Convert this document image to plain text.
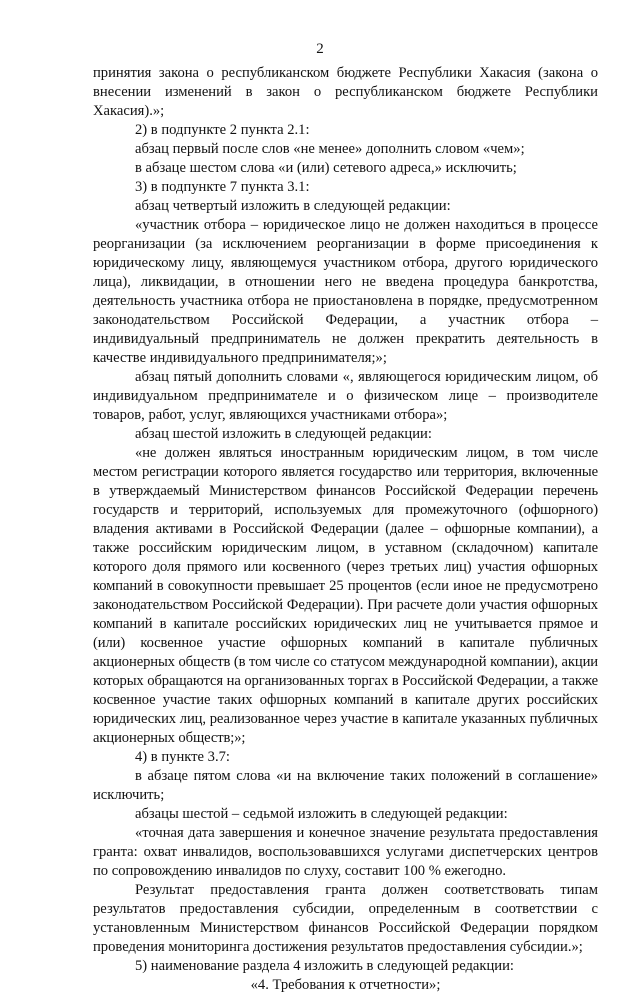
2

принятия закона о республиканском бюджете Республики Хакасия (закона о внесении изменений в закон о республиканском бюджете Республики Хакасия).»;

2) в подпункте 2 пункта 2.1:

абзац первый после слов «не менее» дополнить словом «чем»;

в абзаце шестом слова «и (или) сетевого адреса,» исключить;

3) в подпункте 7 пункта 3.1:

абзац четвертый изложить в следующей редакции:

«участник отбора – юридическое лицо не должен находиться в процессе реорганизации (за исключением реорганизации в форме присоединения к юридическому лицу, являющемуся участником отбора, другого юридического лица), ликвидации, в отношении него не введена процедура банкротства, деятельность участника отбора не приостановлена в порядке, предусмотренном законодательством Российской Федерации, а участник отбора – индивидуальный предприниматель не должен прекратить деятельность в качестве индивидуального предпринимателя;»;

абзац пятый дополнить словами «, являющегося юридическим лицом, об индивидуальном предпринимателе и о физическом лице – производителе товаров, работ, услуг, являющихся участниками отбора»;

абзац шестой изложить в следующей редакции:

«не должен являться иностранным юридическим лицом, в том числе местом регистрации которого является государство или территория, включенные в утверждаемый Министерством финансов Российской Федерации перечень государств и территорий, используемых для промежуточного (офшорного) владения активами в Российской Федерации (далее – офшорные компании), а также российским юридическим лицом, в уставном (складочном) капитале которого доля прямого или косвенного (через третьих лиц) участия офшорных компаний в совокупности превышает 25 процентов (если иное не предусмотрено законодательством Российской Федерации). При расчете доли участия офшорных компаний в капитале российских юридических лиц не учитывается прямое и (или) косвенное участие офшорных компаний в капитале публичных акционерных обществ (в том числе со статусом международной компании), акции которых обращаются на организованных торгах в Российской Федерации, а также косвенное участие таких офшорных компаний в капитале других российских юридических лиц, реализованное через участие в капитале указанных публичных акционерных обществ;»;

4) в пункте 3.7:

в абзаце пятом слова «и на включение таких положений в соглашение» исключить;

абзацы шестой – седьмой изложить в следующей редакции:

«точная дата завершения и конечное значение результата предоставления гранта: охват инвалидов, воспользовавшихся услугами диспетчерских центров по сопровождению инвалидов по слуху, составит 100 % ежегодно.

Результат предоставления гранта должен соответствовать типам результатов предоставления субсидии, определенным в соответствии с установленным Министерством финансов Российской Федерации порядком проведения мониторинга достижения результатов предоставления субсидии.»;

5) наименование раздела 4 изложить в следующей редакции:

«4. Требования к отчетности»;
